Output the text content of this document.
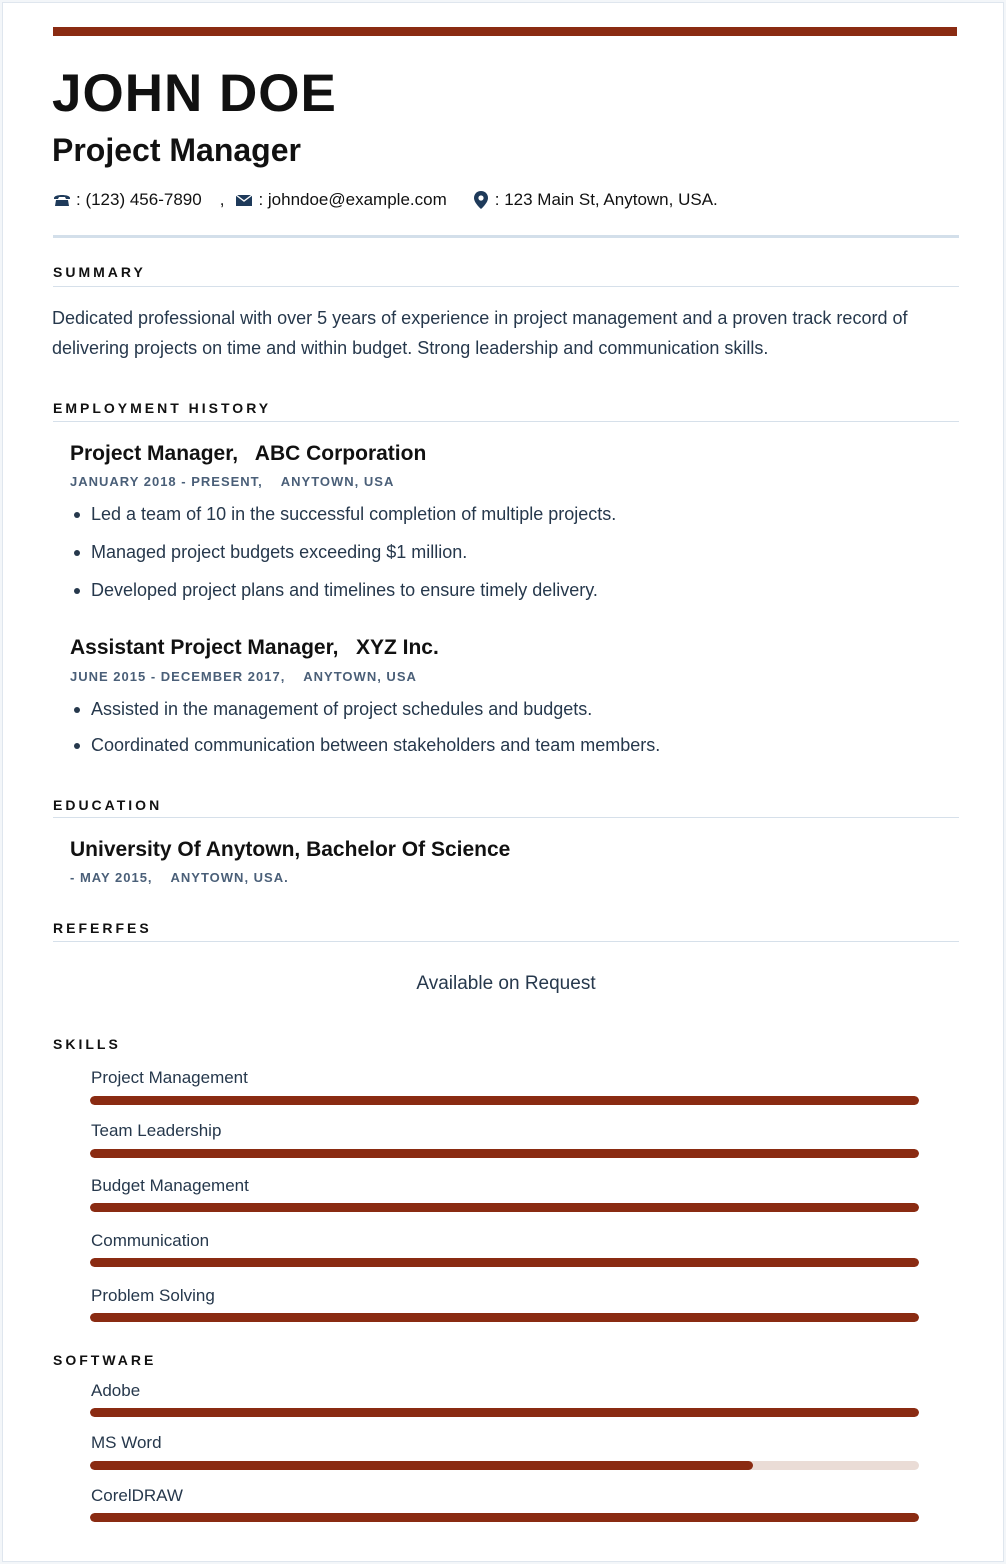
JOHN DOE
Project Manager
: (123) 456-7890 , : johndoe@example.com	: 123 Main St, Anytown, USA.
SUMMARY
Dedicated professional with over 5 years of experience in project management and a proven track record of delivering projects on time and within budget. Strong leadership and communication skills.
EMPLOYMENT HISTORY
Project Manager, ABC Corporation
JANUARY 2018 - PRESENT, ANYTOWN, USA
Led a team of 10 in the successful completion of multiple projects.
Managed project budgets exceeding $1 million.
Developed project plans and timelines to ensure timely delivery.
Assistant Project Manager, XYZ Inc.
JUNE 2015 - DECEMBER 2017, ANYTOWN, USA
Assisted in the management of project schedules and budgets.
Coordinated communication between stakeholders and team members.
EDUCATION
University Of Anytown, Bachelor Of Science
- MAY 2015, ANYTOWN, USA.
REFERFES
Available on Request
SKILLS
Project Management
Team Leadership
Budget Management
Communication
Problem Solving
SOFTWARE
Adobe
MS Word
CorelDRAW
